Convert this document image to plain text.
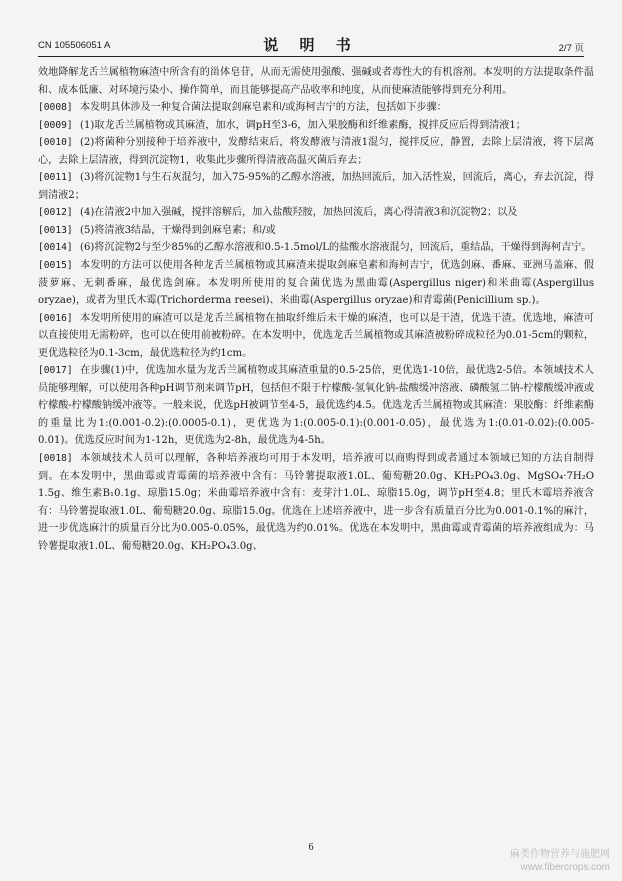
CN 105506051 A	说 明 书	2/7 页

效地降解龙舌兰属植物麻渣中所含有的甾体皂苷，从而无需使用强酸、强碱或者毒性大的有机溶剂。本发明的方法提取条件温和、成本低廉、对环境污染小、操作简单，而且能够提高产品收率和纯度，从而使麻渣能够得到充分利用。

[0008] 本发明具体涉及一种复合菌法提取剑麻皂素和/或海柯吉宁的方法，包括如下步骤：

[0009] (1)取龙舌兰属植物或其麻渣，加水，调pH至3-6，加入果胶酶和纤维素酶，搅拌反应后得到清液1；

[0010] (2)将菌种分别接种于培养液中，发酵结束后，将发酵液与清液1混匀，搅拌反应，静置，去除上层清液，将下层离心，去除上层清液，得到沉淀物1，收集此步骤所得清液高温灭菌后弃去；

[0011] (3)将沉淀物1与生石灰混匀，加入75-95%的乙醇水溶液，加热回流后，加入活性炭，回流后，离心，弃去沉淀，得到清液2；

[0012] (4)在清液2中加入强碱，搅拌溶解后，加入盐酸羟胺，加热回流后，离心得清液3和沉淀物2；以及

[0013] (5)将清液3结晶，干燥得到剑麻皂素；和/或

[0014] (6)将沉淀物2与至少85%的乙醇水溶液和0.5-1.5mol/L的盐酸水溶液混匀，回流后，重结晶，干燥得到海柯吉宁。

[0015] 本发明的方法可以使用各种龙舌兰属植物或其麻渣来提取剑麻皂素和海柯吉宁，优选剑麻、番麻、亚洲马盖麻、假菠萝麻、无刺番麻，最优选剑麻。本发明所使用的复合菌优选为黑曲霉(Aspergillus niger)和米曲霉(Aspergillus oryzae)，或者为里氏木霉(Trichorderma reesei)、米曲霉(Aspergillus oryzae)和青霉菌(Penicillium sp.)。

[0016] 本发明所使用的麻渣可以是龙舌兰属植物在抽取纤维后未干燥的麻渣，也可以是干渣，优选干渣。优选地，麻渣可以直接使用无需粉碎，也可以在使用前被粉碎。在本发明中，优选龙舌兰属植物或其麻渣被粉碎成粒径为0.01-5cm的颗粒，更优选粒径为0.1-3cm，最优选粒径为约1cm。

[0017] 在步骤(1)中，优选加水量为龙舌兰属植物或其麻渣重量的0.5-25倍，更优选1-10倍，最优选2-5倍。本领域技术人员能够理解，可以使用各种pH调节剂来调节pH，包括但不限于柠檬酸-氢氧化钠-盐酸缓冲溶液、磷酸氢二钠-柠檬酸缓冲液或柠檬酸-柠檬酸钠缓冲液等。一般来说，优选pH被调节至4-5，最优选约4.5。优选龙舌兰属植物或其麻渣：果胶酶：纤维素酶的重量比为1:(0.001-0.2):(0.0005-0.1)，更优选为1:(0.005-0.1):(0.001-0.05)，最优选为1:(0.01-0.02):(0.005-0.01)。优选反应时间为1-12h，更优选为2-8h，最优选为4-5h。

[0018] 本领域技术人员可以理解，各种培养液均可用于本发明，培养液可以商购得到或者通过本领域已知的方法自制得到。在本发明中，黑曲霉或青霉菌的培养液中含有：马铃薯提取液1.0L、葡萄糖20.0g、KH₂PO₄3.0g、MgSO₄·7H₂O 1.5g、维生素B₁0.1g、琼脂15.0g；米曲霉培养液中含有：麦芽汁1.0L、琼脂15.0g，调节pH至4.8；里氏木霉培养液含有：马铃薯提取液1.0L、葡萄糖20.0g、琼脂15.0g。优选在上述培养液中，进一步含有质量百分比为0.001-0.1%的麻汁，进一步优选麻汁的质量百分比为0.005-0.05%，最优选为约0.01%。优选在本发明中，黑曲霉或青霉菌的培养液组成为：马铃薯提取液1.0L、葡萄糖20.0g、KH₂PO₄3.0g、

6
麻类作物营养与施肥网
www.fibercrops.com
